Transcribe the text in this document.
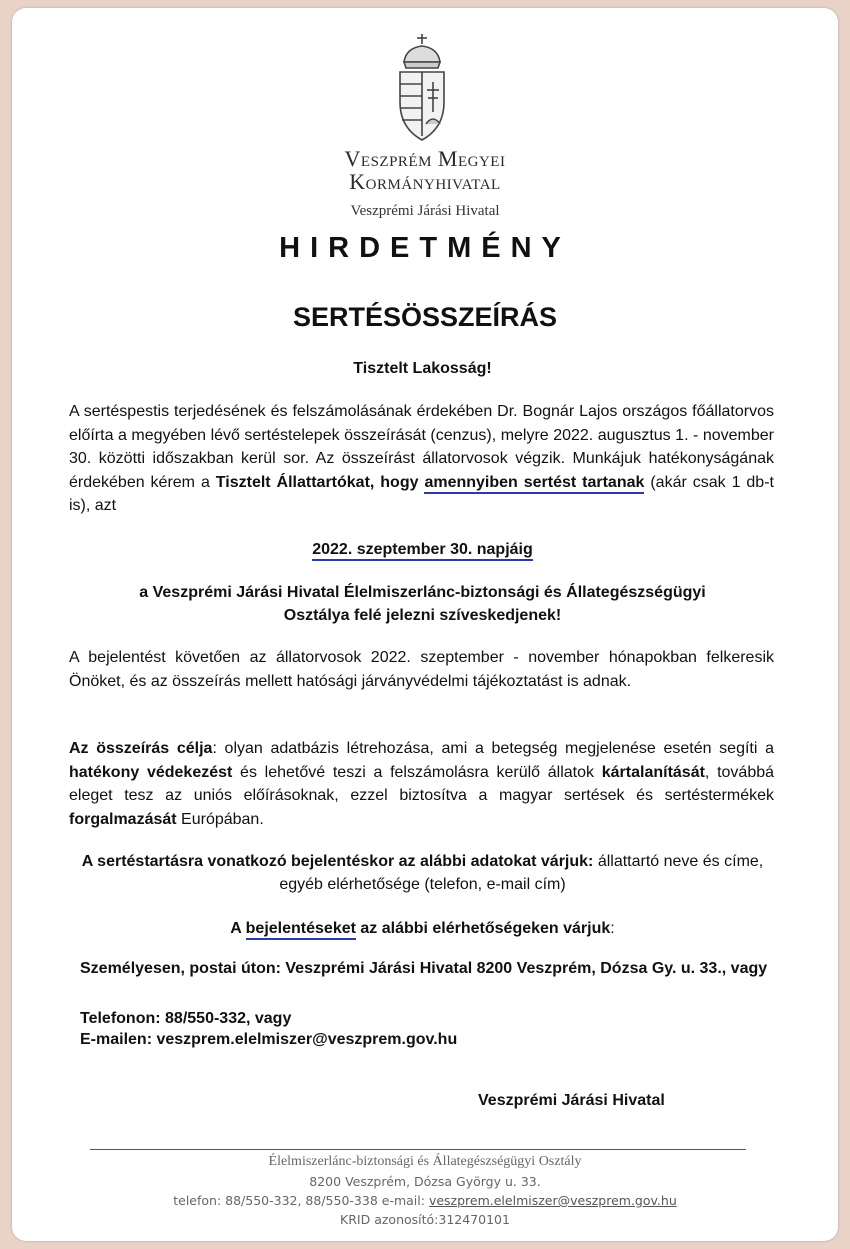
Veszprém Megyei
Kormányhivatal
Veszprémi Járási Hivatal
HIRDETMÉNY
SERTÉSÖSSZEÍRÁS
Tisztelt Lakosság!
A sertéspestis terjedésének és felszámolásának érdekében Dr. Bognár Lajos országos főállatorvos előírta a megyében lévő sertéstelepek összeírását (cenzus), melyre 2022. augusztus 1. - november 30. közötti időszakban kerül sor. Az összeírást állatorvosok végzik. Munkájuk hatékonyságának érdekében kérem a Tisztelt Állattartókat, hogy amennyiben sertést tartanak (akár csak 1 db-t is), azt
2022. szeptember 30. napjáig
a Veszprémi Járási Hivatal Élelmiszerlánc-biztonsági és Állategészségügyi
Osztálya felé jelezni szíveskedjenek!
A bejelentést követően az állatorvosok 2022. szeptember - november hónapokban felkeresik Önöket, és az összeírás mellett hatósági járványvédelmi tájékoztatást is adnak.
Az összeírás célja: olyan adatbázis létrehozása, ami a betegség megjelenése esetén segíti a hatékony védekezést és lehetővé teszi a felszámolásra kerülő állatok kártalanítását, továbbá eleget tesz az uniós előírásoknak, ezzel biztosítva a magyar sertések és sertéstermékek forgalmazását Európában.
A sertéstartásra vonatkozó bejelentéskor az alábbi adatokat várjuk: állattartó neve és címe, egyéb elérhetősége (telefon, e-mail cím)
A bejelentéseket az alábbi elérhetőségeken várjuk:
Személyesen, postai úton: Veszprémi Járási Hivatal 8200 Veszprém, Dózsa Gy. u. 33., vagy
Telefonon: 88/550-332, vagy
E-mailen: veszprem.elelmiszer@veszprem.gov.hu
Veszprémi Járási Hivatal
Élelmiszerlánc-biztonsági és Állategészségügyi Osztály
8200 Veszprém, Dózsa György u. 33.
telefon: 88/550-332, 88/550-338 e-mail: veszprem.elelmiszer@veszprem.gov.hu
KRID azonosító:312470101
